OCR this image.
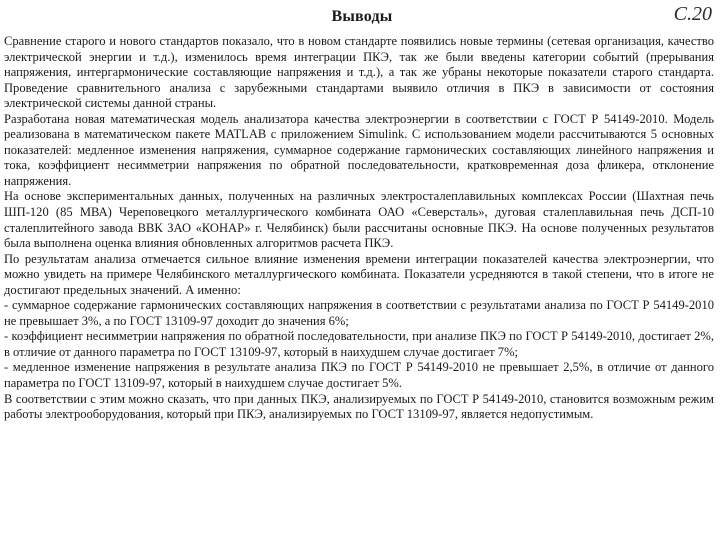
Выводы	С.20

Сравнение старого и нового стандартов показало, что в новом стандарте появились новые термины (сетевая организация, качество электрической энергии и т.д.), изменилось время интеграции ПКЭ, так же были введены категории событий (прерывания напряжения, интергармонические составляющие напряжения и т.д.), а так же убраны некоторые показатели старого стандарта. Проведение сравнительного анализа с зарубежными стандартами выявило отличия в ПКЭ в зависимости от состояния электрической системы данной страны.

Разработана новая математическая модель анализатора качества электроэнергии в соответствии с ГОСТ Р 54149-2010. Модель реализована в математическом пакете MATLAB с приложением Simulink. С использованием модели рассчитываются 5 основных показателей: медленное изменения напряжения, суммарное содержание гармонических составляющих линейного напряжения и тока, коэффициент несимметрии напряжения по обратной последовательности, кратковременная доза фликера, отклонение напряжения.

На основе экспериментальных данных, полученных на различных электросталеплавильных комплексах России (Шахтная печь ШП-120 (85 МВА) Череповецкого металлургического комбината ОАО «Северсталь», дуговая сталеплавильная печь ДСП-10 сталеплитейного завода ВВК ЗАО «КОНАР» г. Челябинск) были рассчитаны основные ПКЭ. На основе полученных результатов была выполнена оценка влияния обновленных алгоритмов расчета ПКЭ.

По результатам анализа отмечается сильное влияние изменения времени интеграции показателей качества электроэнергии, что можно увидеть на примере Челябинского металлургического комбината. Показатели усредняются в такой степени, что в итоге не достигают предельных значений. А именно:

- суммарное содержание гармонических составляющих напряжения в соответствии с результатами анализа по ГОСТ Р 54149-2010 не превышает 3%, а по ГОСТ 13109-97 доходит до значения 6%;

- коэффициент несимметрии напряжения по обратной последовательности, при анализе ПКЭ по ГОСТ Р 54149-2010, достигает 2%, в отличие от данного параметра по ГОСТ 13109-97, который в наихудшем случае достигает 7%;

- медленное изменение напряжения в результате анализа ПКЭ по ГОСТ Р 54149-2010 не превышает 2,5%, в отличие от данного параметра по ГОСТ 13109-97, который в наихудшем случае достигает 5%.

В соответствии с этим можно сказать, что при данных ПКЭ, анализируемых по ГОСТ Р 54149-2010, становится возможным режим работы электрооборудования, который при ПКЭ, анализируемых по ГОСТ 13109-97, является недопустимым.
